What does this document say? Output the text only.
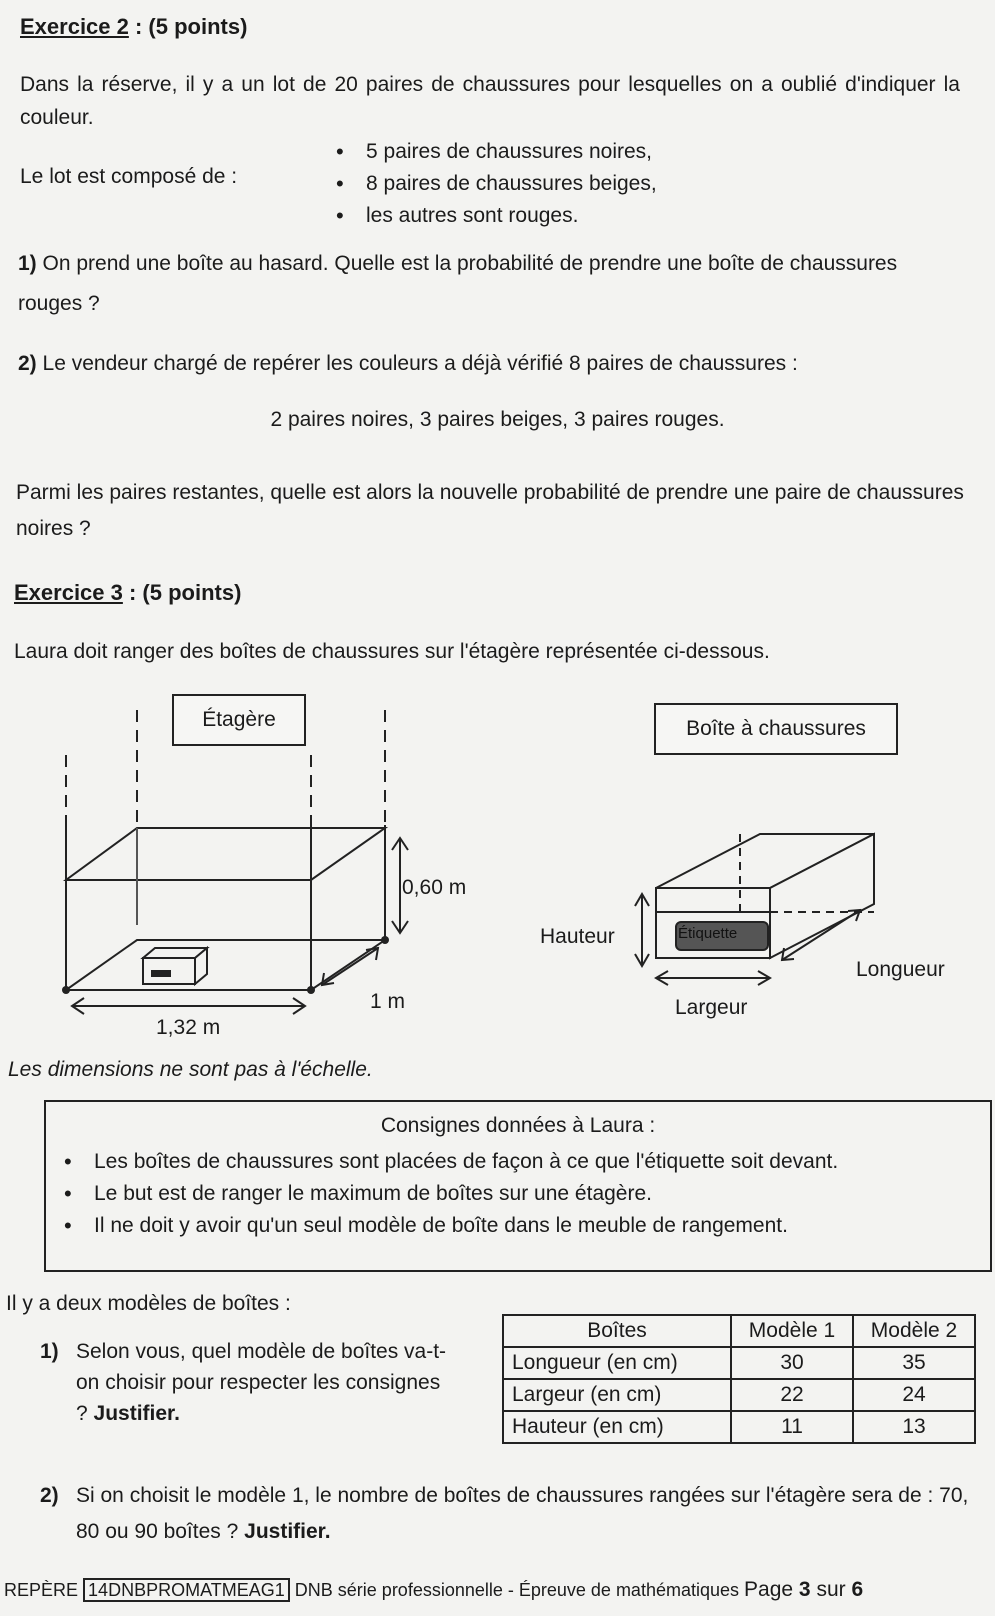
Exercice 2 : (5 points)
Dans la réserve, il y a un lot de 20 paires de chaussures pour lesquelles on a oublié d'indiquer la couleur.
Le lot est composé de :
• 5 paires de chaussures noires,
• 8 paires de chaussures beiges,
• les autres sont rouges.
1) On prend une boîte au hasard. Quelle est la probabilité de prendre une boîte de chaussures rouges ?
2) Le vendeur chargé de repérer les couleurs a déjà vérifié 8 paires de chaussures :
2 paires noires, 3 paires beiges, 3 paires rouges.
Parmi les paires restantes, quelle est alors la nouvelle probabilité de prendre une paire de chaussures noires ?
Exercice 3 : (5 points)
Laura doit ranger des boîtes de chaussures sur l'étagère représentée ci-dessous.
Étagère	Boîte à chaussures
0,60 m
1 m
1,32 m
Étiquette
Hauteur
Longueur
Largeur
Les dimensions ne sont pas à l'échelle.
Consignes données à Laura :
• Les boîtes de chaussures sont placées de façon à ce que l'étiquette soit devant.
• Le but est de ranger le maximum de boîtes sur une étagère.
• Il ne doit y avoir qu'un seul modèle de boîte dans le meuble de rangement.
Il y a deux modèles de boîtes :
1) Selon vous, quel modèle de boîtes va-t-on choisir pour respecter les consignes ? Justifier.
Boîtes	Modèle 1	Modèle 2
Longueur (en cm)	30	35
Largeur (en cm)	22	24
Hauteur (en cm)	11	13
2) Si on choisit le modèle 1, le nombre de boîtes de chaussures rangées sur l'étagère sera de : 70, 80 ou 90 boîtes ? Justifier.
REPÈRE 14DNBPROMATMEAG1 DNB série professionnelle - Épreuve de mathématiques Page 3 sur 6
